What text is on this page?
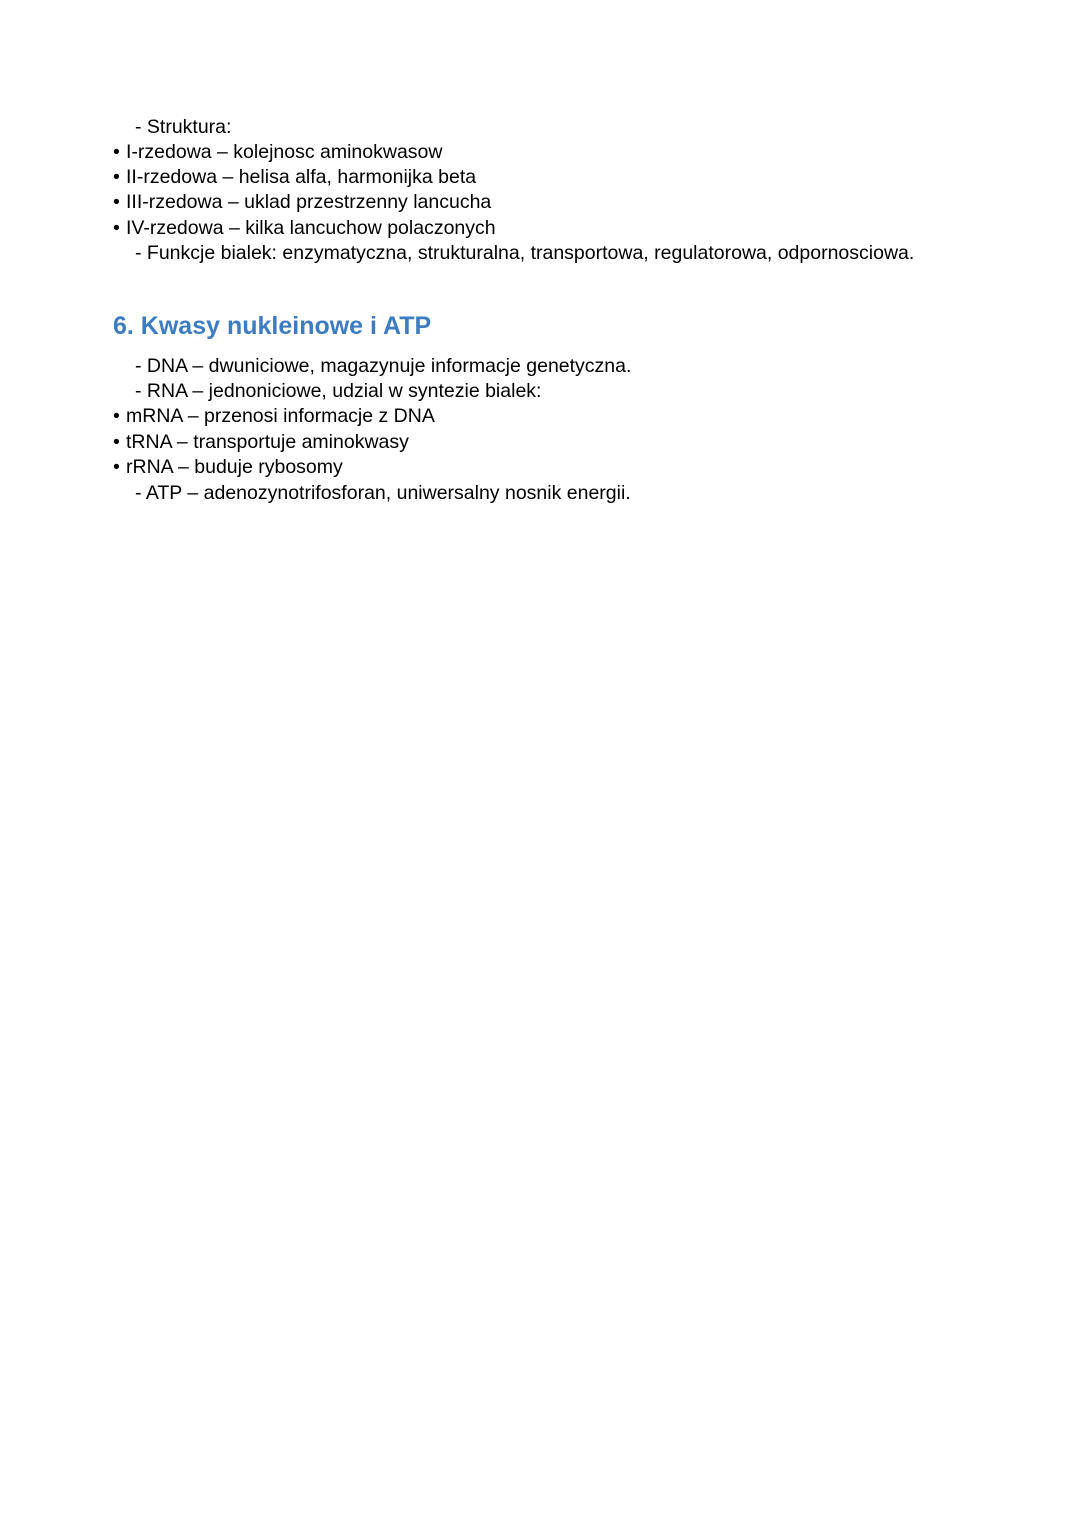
- Struktura:
• I-rzedowa – kolejnosc aminokwasow
• II-rzedowa – helisa alfa, harmonijka beta
• III-rzedowa – uklad przestrzenny lancucha
• IV-rzedowa – kilka lancuchow polaczonych
- Funkcje bialek: enzymatyczna, strukturalna, transportowa, regulatorowa, odpornosciowa.
6. Kwasy nukleinowe i ATP
- DNA – dwuniciowe, magazynuje informacje genetyczna.
- RNA – jednoniciowe, udzial w syntezie bialek:
• mRNA – przenosi informacje z DNA
• tRNA – transportuje aminokwasy
• rRNA – buduje rybosomy
- ATP – adenozynotrifosforan, uniwersalny nosnik energii.
